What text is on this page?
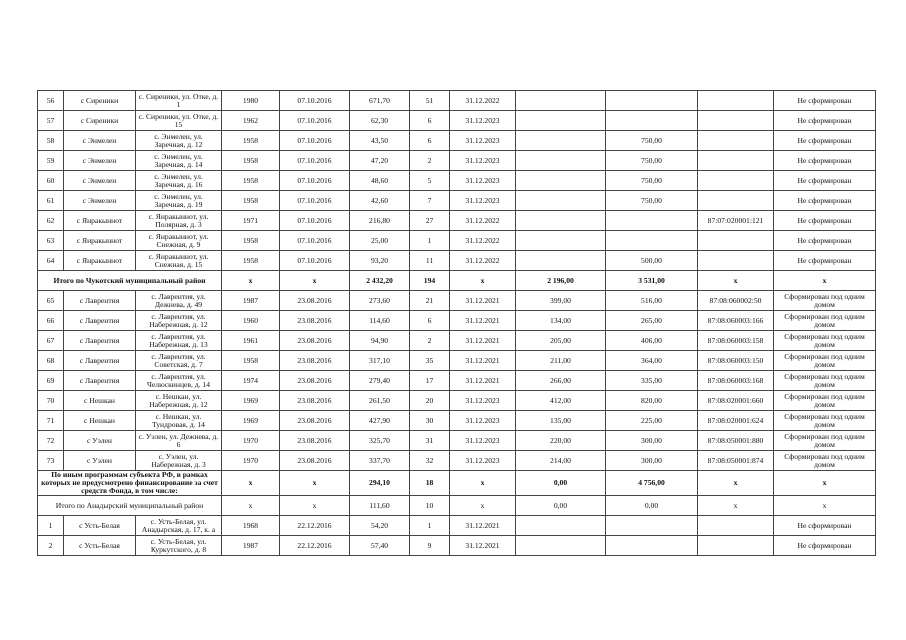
56	с Сиреники	с. Сиреники, ул. Отке, д. 1	1980	07.10.2016	671,70	51	31.12.2022				Не сформирован
57	с Сиреники	с. Сиреники, ул. Отке, д. 15	1962	07.10.2016	62,30	6	31.12.2023				Не сформирован
58	с Энмелен	с. Энмелен, ул. Заречная, д. 12	1958	07.10.2016	43,50	6	31.12.2023		750,00		Не сформирован
59	с Энмелен	с. Энмелен, ул. Заречная, д. 14	1958	07.10.2016	47,20	2	31.12.2023		750,00		Не сформирован
60	с Энмелен	с. Энмелен, ул. Заречная, д. 16	1958	07.10.2016	48,60	5	31.12.2023		750,00		Не сформирован
61	с Энмелен	с. Энмелен, ул. Заречная, д. 19	1958	07.10.2016	42,60	7	31.12.2023		750,00		Не сформирован
62	с Янракыннот	с. Янракыннот, ул. Полярная, д. 3	1971	07.10.2016	216,80	27	31.12.2022			87:07:020001:121	Не сформирован
63	с Янракыннот	с. Янракыннот, ул. Снежная, д. 9	1958	07.10.2016	25,00	1	31.12.2022				Не сформирован
64	с Янракыннот	с. Янракыннот, ул. Снежная, д. 15	1958	07.10.2016	93,20	11	31.12.2022		500,00		Не сформирован
Итого по Чукотский муниципальный район			х	х	2 432,20	194	х	2 196,00	3 531,00	х	х
65	с Лаврентия	с. Лаврентия, ул. Дежнева, д. 49	1987	23.08.2016	273,60	21	31.12.2021	399,00	516,00	87:08:060002:50	Сформирован под одним домом
66	с Лаврентия	с. Лаврентия, ул. Набережная, д. 12	1960	23.08.2016	114,60	6	31.12.2021	134,00	265,00	87:08:060003:166	Сформирован под одним домом
67	с Лаврентия	с. Лаврентия, ул. Набережная, д. 13	1961	23.08.2016	94,90	2	31.12.2021	205,00	406,00	87:08:060003:158	Сформирован под одним домом
68	с Лаврентия	с. Лаврентия, ул. Советская, д. 7	1958	23.08.2016	317,10	35	31.12.2021	211,00	364,00	87:08:060003:150	Сформирован под одним домом
69	с Лаврентия	с. Лаврентия, ул. Челюскинцев, д. 14	1974	23.08.2016	279,40	17	31.12.2021	266,00	335,00	87:08:060003:168	Сформирован под одним домом
70	с Нешкан	с. Нешкан, ул. Набережная, д. 12	1969	23.08.2016	261,50	20	31.12.2023	412,00	820,00	87:08:020001:660	Сформирован под одним домом
71	с Нешкан	с. Нешкан, ул. Тундровая, д. 14	1969	23.08.2016	427,90	30	31.12.2023	135,00	225,00	87:08:020001:624	Сформирован под одним домом
72	с Уэлен	с. Уэлен, ул. Дежнева, д. 6	1970	23.08.2016	325,70	31	31.12.2023	220,00	300,00	87:08:050001:880	Сформирован под одним домом
73	с Уэлен	с. Уэлен, ул. Набережная, д. 3	1970	23.08.2016	337,70	32	31.12.2023	214,00	300,00	87:08:050001:874	Сформирован под одним домом
По иным программам субъекта РФ, в рамках которых не предусмотрено финансирование за счет средств Фонда, в том числе:			х	х	294,10	18	х	0,00	4 756,00	х	х
Итого по Анадырский муниципальный район			х	х	111,60	10	х	0,00	0,00	х	х
1	с Усть-Белая	с. Усть-Белая, ул. Анадырская, д. 17, к. а	1968	22.12.2016	54,20	1	31.12.2021				Не сформирован
2	с Усть-Белая	с. Усть-Белая, ул. Куркутского, д. 8	1987	22.12.2016	57,40	9	31.12.2021				Не сформирован
